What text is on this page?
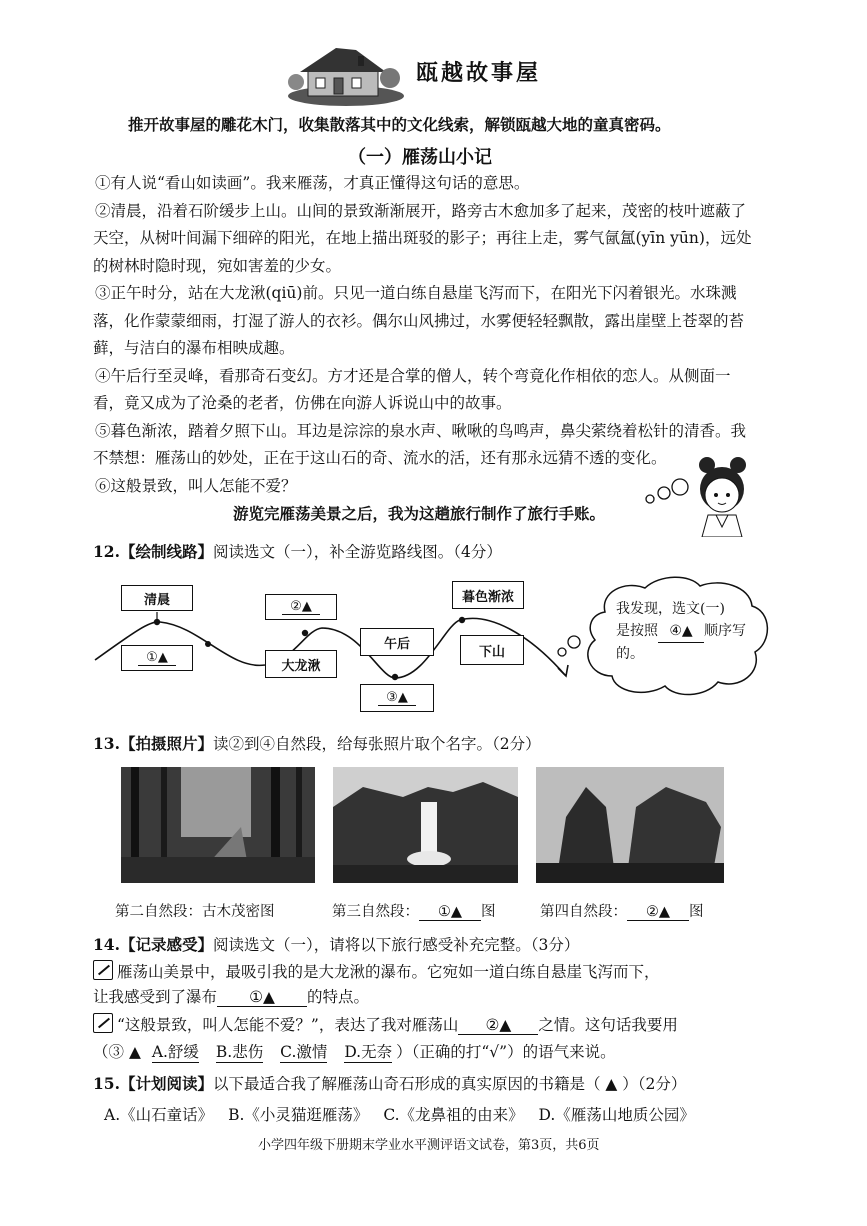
瓯越故事屋
推开故事屋的雕花木门，收集散落其中的文化线索，解锁瓯越大地的童真密码。
（一）雁荡山小记

①有人说“看山如读画”。我来雁荡，才真正懂得这句话的意思。

②清晨，沿着石阶缓步上山。山间的景致渐渐展开，路旁古木愈加多了起来，茂密的枝叶遮蔽了天空，从树叶间漏下细碎的阳光，在地上描出斑驳的影子；再往上走，雾气氤氲(yīn yūn)，远处的树林时隐时现，宛如害羞的少女。

③正午时分，站在大龙湫(qiū)前。只见一道白练自悬崖飞泻而下，在阳光下闪着银光。水珠溅落，化作蒙蒙细雨，打湿了游人的衣衫。偶尔山风拂过，水雾便轻轻飘散，露出崖壁上苍翠的苔藓，与洁白的瀑布相映成趣。

④午后行至灵峰，看那奇石变幻。方才还是合掌的僧人，转个弯竟化作相依的恋人。从侧面一看，竟又成为了沧桑的老者，仿佛在向游人诉说山中的故事。

⑤暮色渐浓，踏着夕照下山。耳边是淙淙的泉水声、啾啾的鸟鸣声，鼻尖萦绕着松针的清香。我不禁想：雁荡山的妙处，正在于这山石的奇、流水的活，还有那永远猜不透的变化。

⑥这般景致，叫人怎能不爱？

游览完雁荡美景之后，我为这趟旅行制作了旅行手账。

12.【绘制线路】阅读选文（一），补全游览路线图。（4分）
清晨
①▲
②▲
大龙湫
午后
③▲
暮色渐浓
下山
我发现，选文(一)
是按照 ④▲ 顺序写
的。
13.【拍摄照片】读②到④自然段，给每张照片取个名字。（2分）
第二自然段：古木茂密图	第三自然段： ①▲ 图	第四自然段： ②▲ 图
14.【记录感受】阅读选文（一），请将以下旅行感受补充完整。（3分）
雁荡山美景中，最吸引我的是大龙湫的瀑布。它宛如一道白练自悬崖飞泻而下，
让我感受到了瀑布 ①▲ 的特点。
“这般景致，叫人怎能不爱？”，表达了我对雁荡山 ②▲ 之情。这句话我要用
（③ ▲ A.舒缓 B.悲伤 C.激情 D.无奈 ）（正确的打“√”）的语气来说。
15.【计划阅读】以下最适合我了解雁荡山奇石形成的真实原因的书籍是（ ▲ ）（2分）
A.《山石童话》 B.《小灵猫逛雁荡》 C.《龙鼻祖的由来》 D.《雁荡山地质公园》
小学四年级下册期末学业水平测评语文试卷，第3页，共6页
